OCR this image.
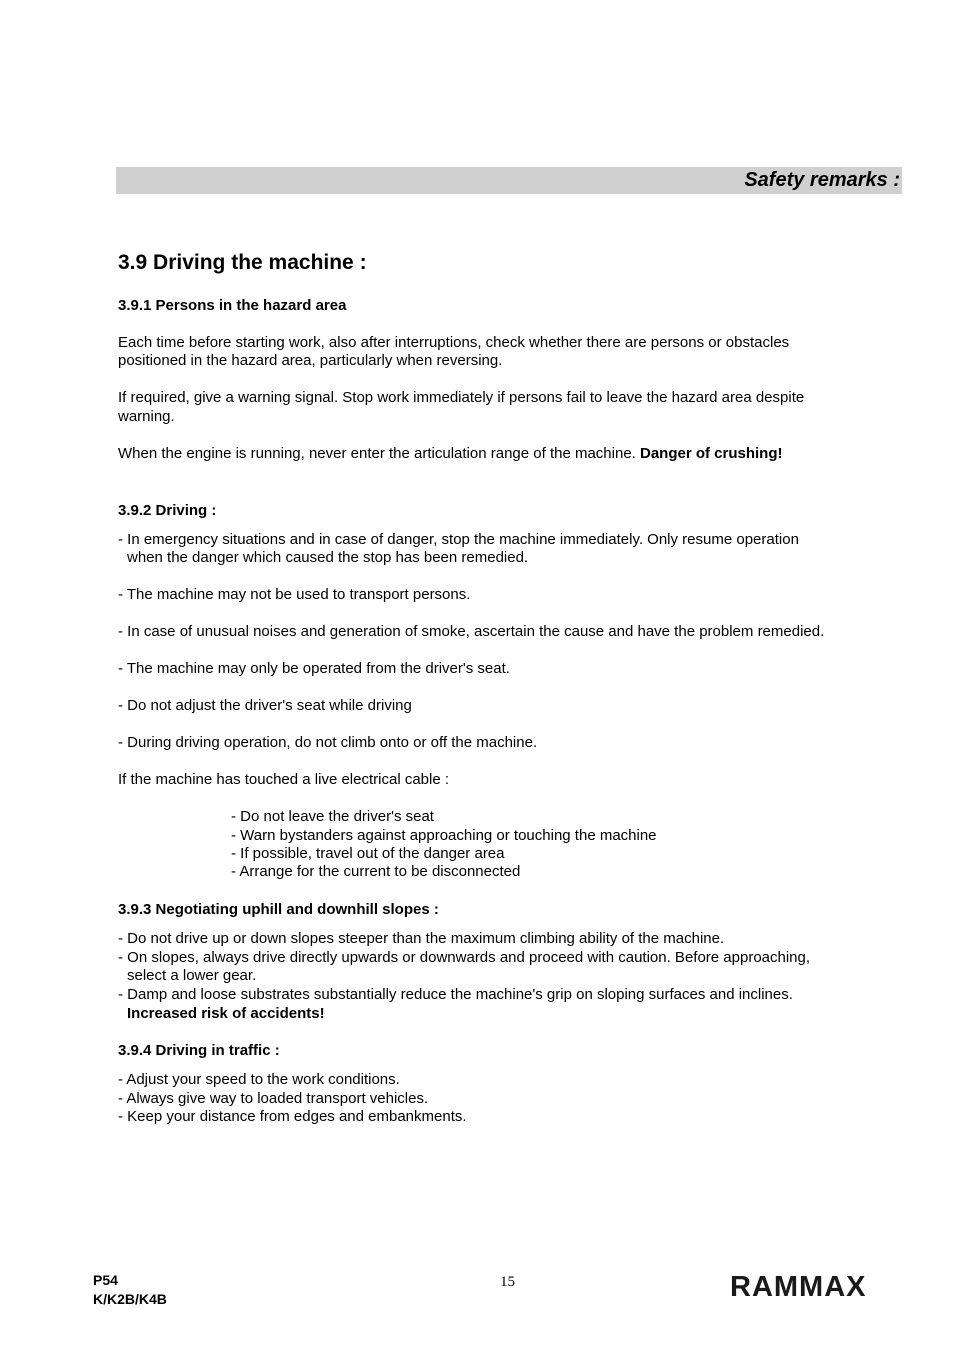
Safety remarks :
3.9 Driving the machine :
3.9.1 Persons in the hazard area
Each time before starting work, also after interruptions, check whether there are persons or obstacles
positioned in the hazard area, particularly when reversing.
If required, give a warning signal. Stop work immediately if persons fail to leave the hazard area despite
warning.
When the engine is running, never enter the articulation range of the machine. Danger of crushing!
3.9.2 Driving :
- In emergency situations and in case of danger, stop the machine immediately. Only resume operation
when the danger which caused the stop has been remedied.
- The machine may not be used to transport persons.
- In case of unusual noises and generation of smoke, ascertain the cause and have the problem remedied.
- The machine may only be operated from the driver's seat.
- Do not adjust the driver's seat while driving
- During driving operation, do not climb onto or off the machine.
If the machine has touched a live electrical cable :
- Do not leave the driver's seat
- Warn bystanders against approaching or touching the machine
- If possible, travel out of the danger area
- Arrange for the current to be disconnected
3.9.3 Negotiating uphill and downhill slopes :
- Do not drive up or down slopes steeper than the maximum climbing ability of the machine.
- On slopes, always drive directly upwards or downwards and proceed with caution. Before approaching,
select a lower gear.
- Damp and loose substrates substantially reduce the machine's grip on sloping surfaces and inclines.
Increased risk of accidents!
3.9.4 Driving in traffic :
- Adjust your speed to the work conditions.
- Always give way to loaded transport vehicles.
- Keep your distance from edges and embankments.
P54
K/K2B/K4B
15	RAMMAX
